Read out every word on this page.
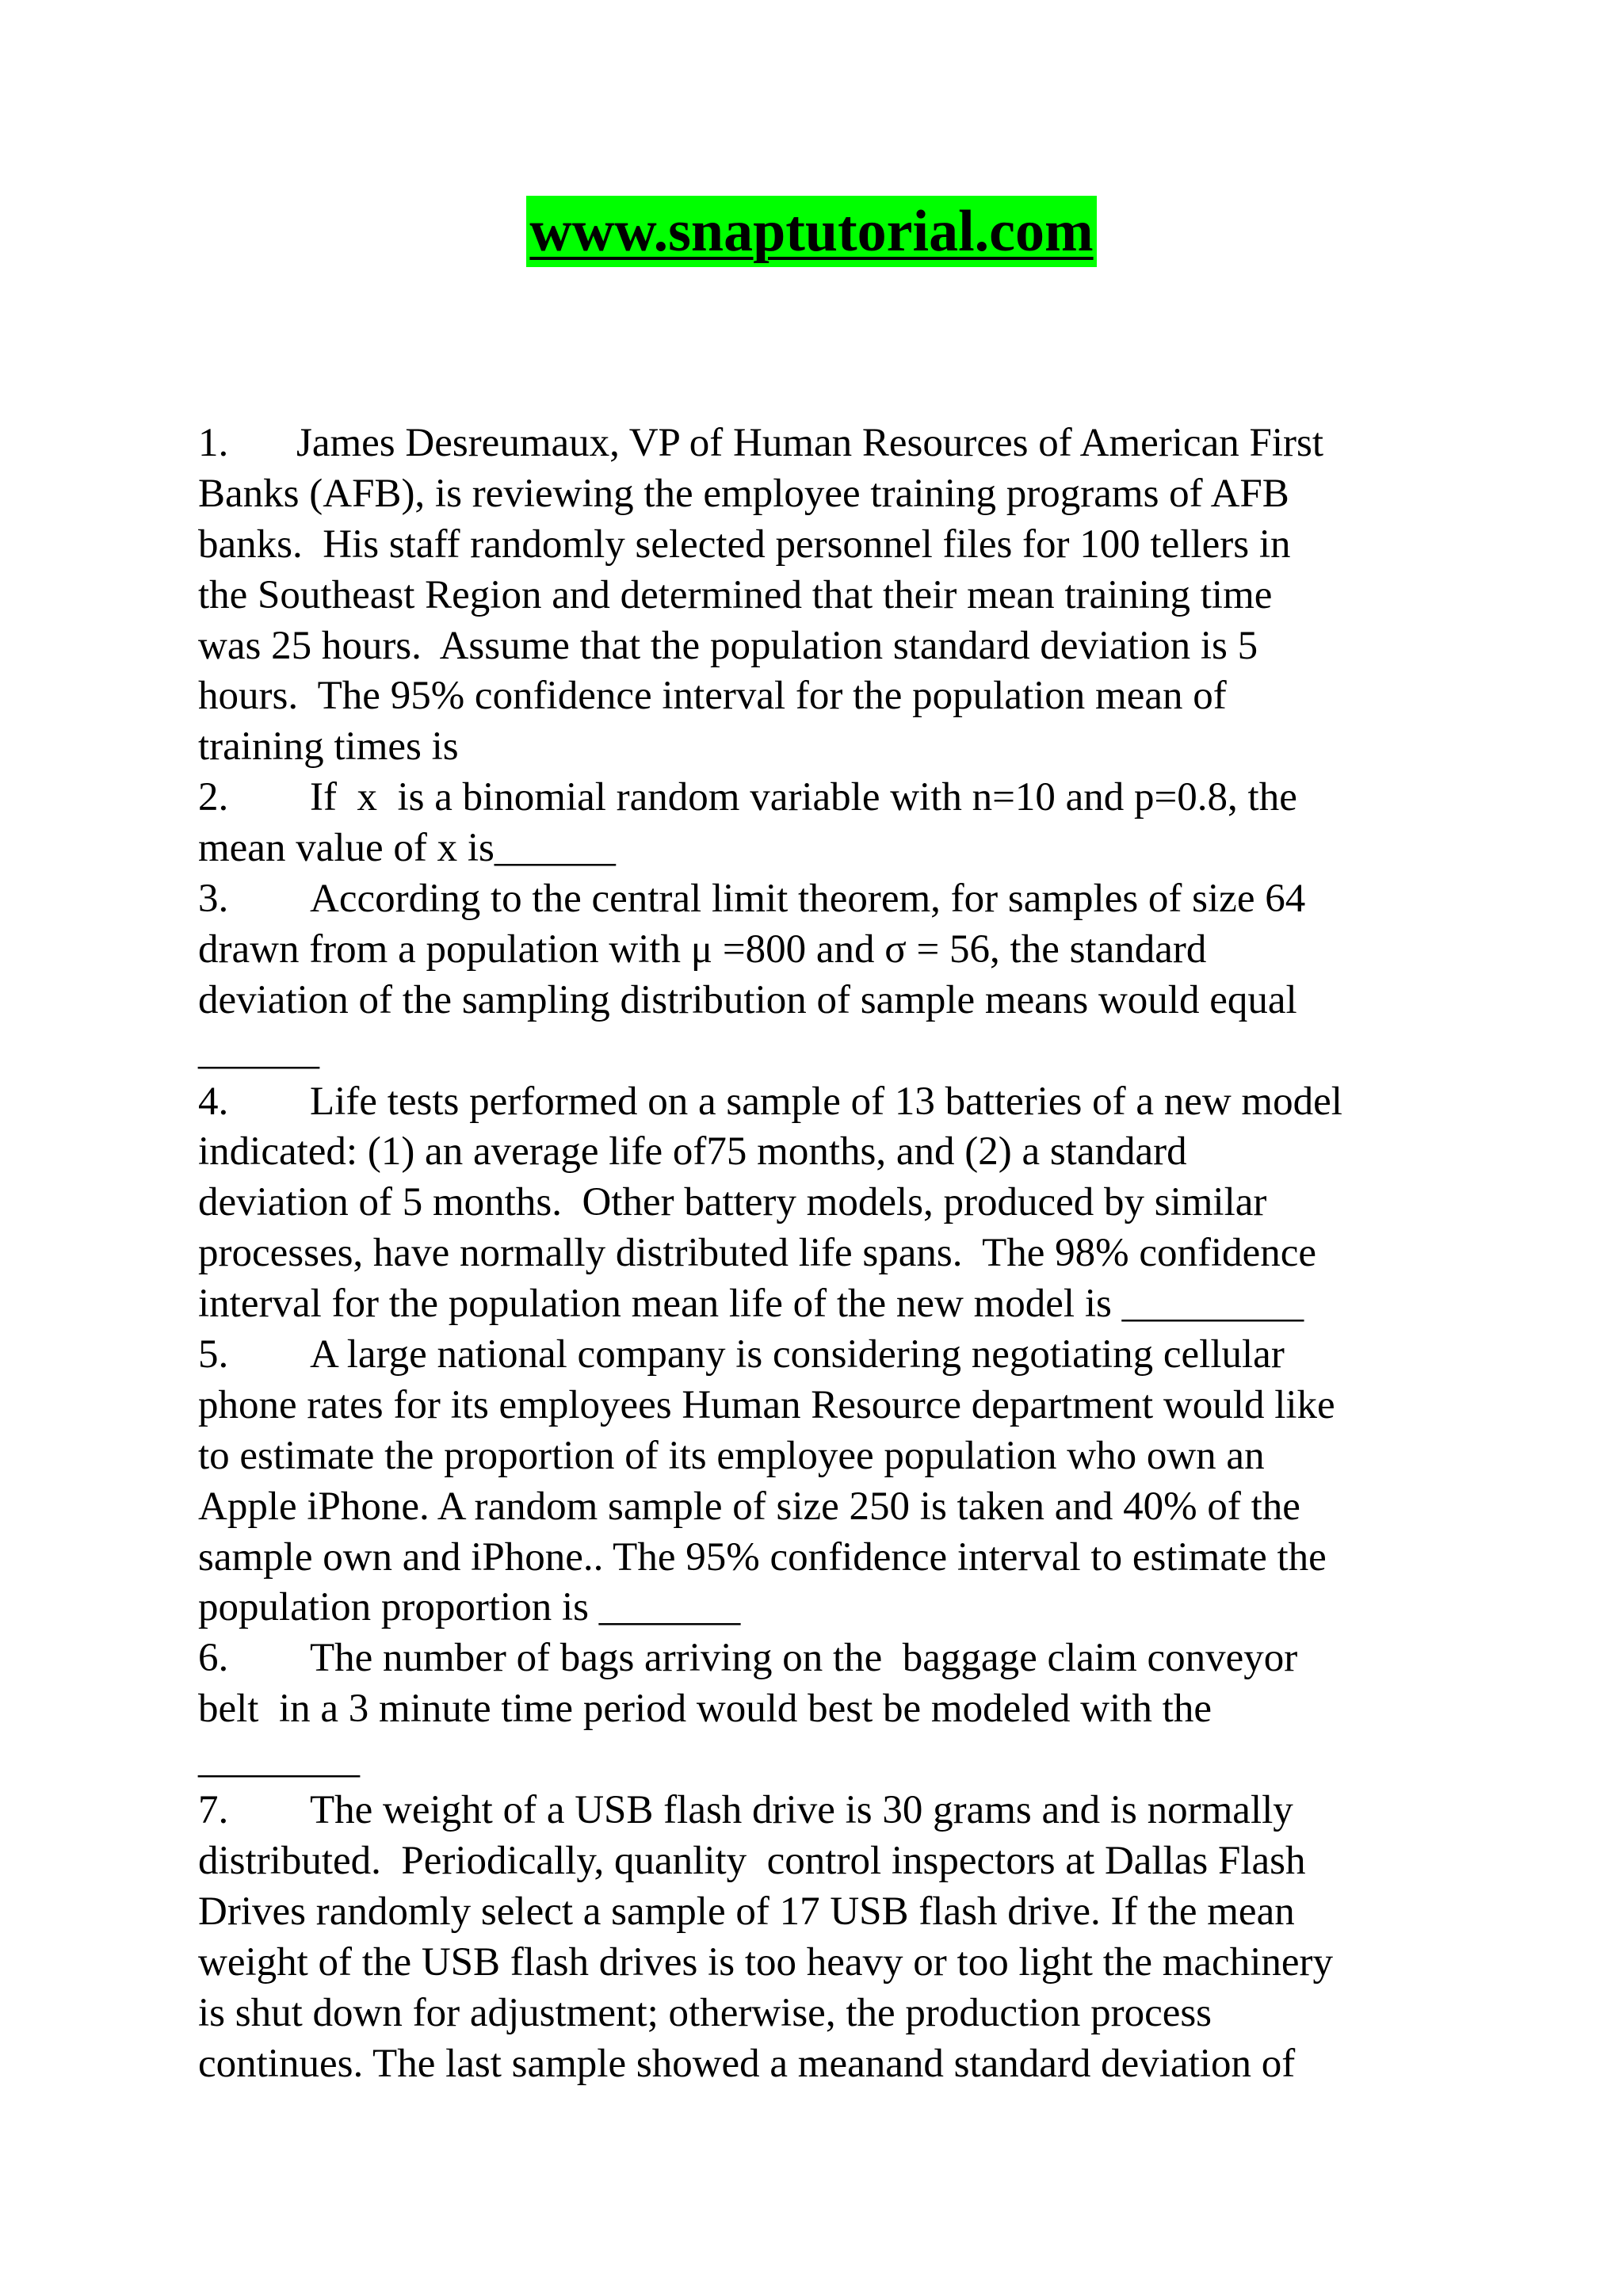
www.snaptutorial.com
1. James Desreumaux, VP of Human Resources of American First
Banks (AFB), is reviewing the employee training programs of AFB
banks.  His staff randomly selected personnel files for 100 tellers in
the Southeast Region and determined that their mean training time
was 25 hours.  Assume that the population standard deviation is 5
hours.  The 95% confidence interval for the population mean of
training times is
2. If  x  is a binomial random variable with n=10 and p=0.8, the
mean value of x is______
3. According to the central limit theorem, for samples of size 64
drawn from a population with μ =800 and σ = 56, the standard
deviation of the sampling distribution of sample means would equal
______
4. Life tests performed on a sample of 13 batteries of a new model
indicated: (1) an average life of75 months, and (2) a standard
deviation of 5 months.  Other battery models, produced by similar
processes, have normally distributed life spans.  The 98% confidence
interval for the population mean life of the new model is _________
5. A large national company is considering negotiating cellular
phone rates for its employees Human Resource department would like
to estimate the proportion of its employee population who own an
Apple iPhone. A random sample of size 250 is taken and 40% of the
sample own and iPhone.. The 95% confidence interval to estimate the
population proportion is _______
6. The number of bags arriving on the  baggage claim conveyor
belt  in a 3 minute time period would best be modeled with the
________
7. The weight of a USB flash drive is 30 grams and is normally
distributed.  Periodically, quanlity  control inspectors at Dallas Flash
Drives randomly select a sample of 17 USB flash drive. If the mean
weight of the USB flash drives is too heavy or too light the machinery
is shut down for adjustment; otherwise, the production process
continues. The last sample showed a meanand standard deviation of
